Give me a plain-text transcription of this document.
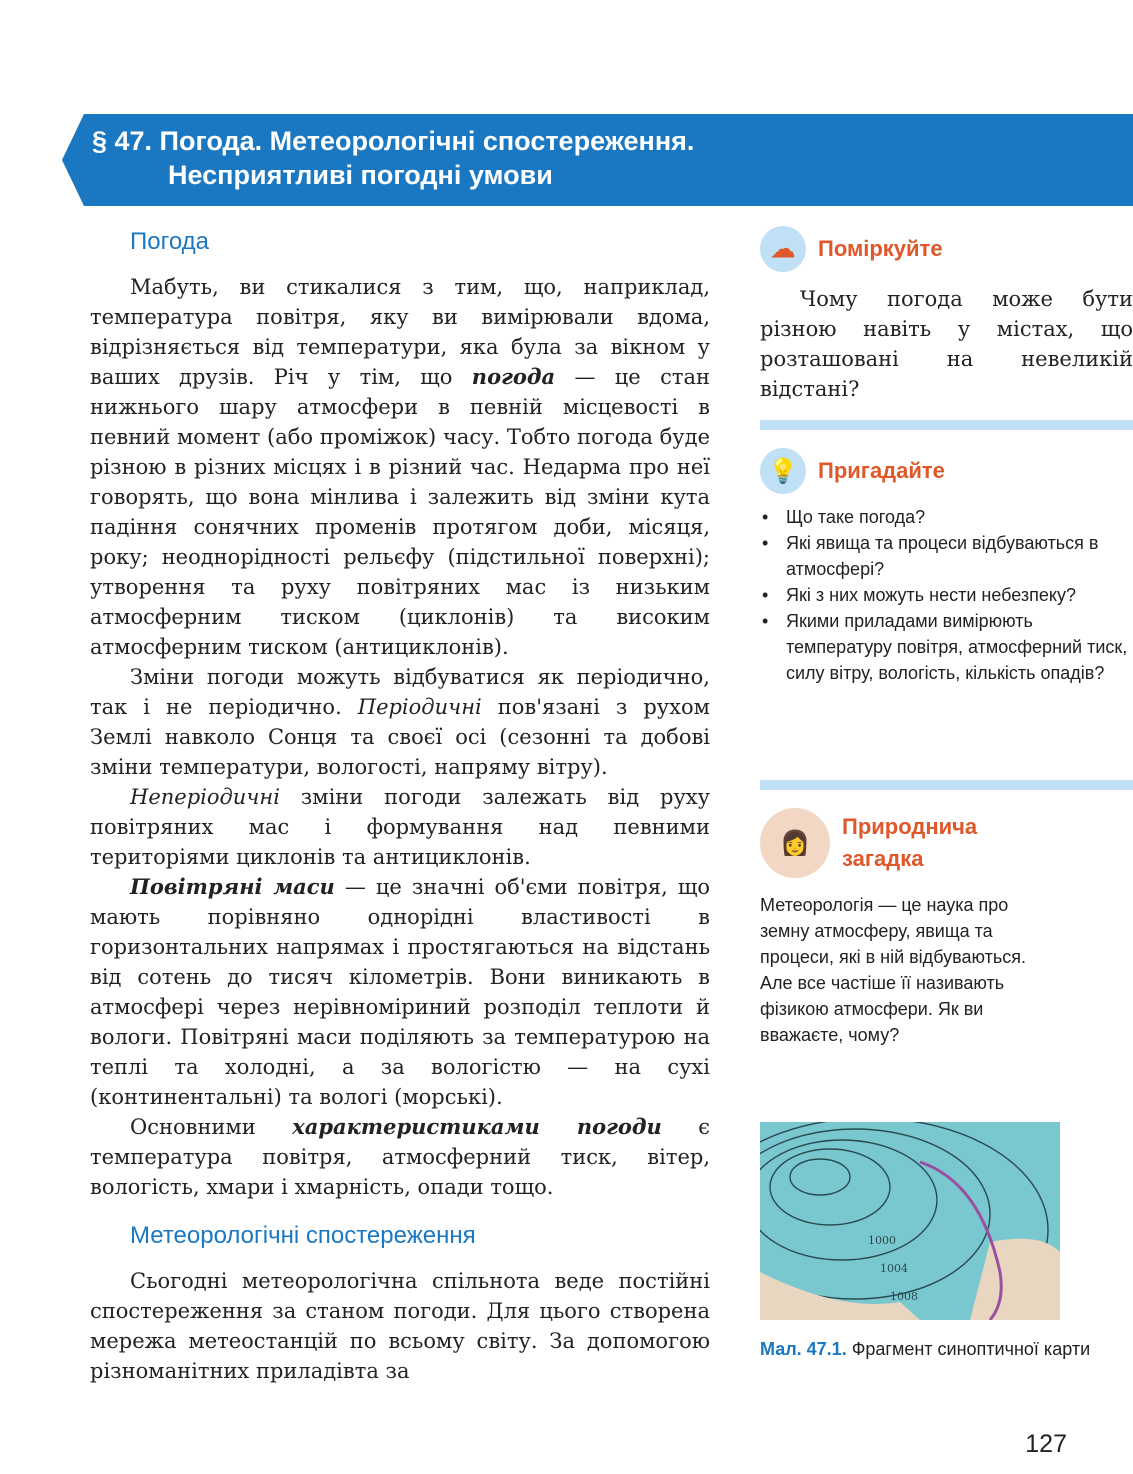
§ 47. Погода. Метеорологічні спостереження.
Несприятливі погодні умови
Погода

Мабуть, ви стикалися з тим, що, наприклад, температура повітря, яку ви вимірювали вдома, відрізняється від температури, яка була за вікном у ваших друзів. Річ у тім, що погода — це стан нижнього шару атмосфери в певній місцевості в певний момент (або проміжок) часу. Тобто погода буде різною в різних місцях і в різний час. Недарма про неї говорять, що вона мінлива і залежить від зміни кута падіння сонячних променів протягом доби, місяця, року; неоднорідності рельєфу (підстильної поверхні); утворення та руху повітряних мас із низьким атмосферним тиском (циклонів) та високим атмосферним тиском (антициклонів).

Зміни погоди можуть відбуватися як періодично, так і не періодично. Періодичні пов'язані з рухом Землі навколо Сонця та своєї осі (сезонні та добові зміни температури, вологості, напряму вітру).

Неперіодичні зміни погоди залежать від руху повітряних мас і формування над певними територіями циклонів та антициклонів.

Повітряні маси — це значні об'єми повітря, що мають порівняно однорідні властивості в горизонтальних напрямах і простягаються на відстань від сотень до тисяч кілометрів. Вони виникають в атмосфері через нерівноміриний розподіл теплоти й вологи. Повітряні маси поділяють за температурою на теплі та холодні, а за вологістю — на сухі (континентальні) та вологі (морські).

Основними характеристиками погоди є температура повітря, атмосферний тиск, вітер, вологість, хмари і хмарність, опади тощо.

Метеорологічні спостереження

Сьогодні метеорологічна спільнота веде постійні спостереження за станом погоди. Для цього створена мережа метеостанцій по всьому світу. За допомогою різноманітних приладівта за

☁	Поміркуйте

Чому погода може бути різною навіть у містах, що розташовані на невеликій відстані?

💡 Пригадайте
• Що таке погода?
• Які явища та процеси відбуваються в атмосфері?
• Які з них можуть нести небезпеку?
• Якими приладами вимірюють температуру повітря, атмосферний тиск, силу вітру, вологість, кількість опадів?
👩
Природнича
загадка

Метеорологія — це наука про земну атмосферу, явища та процеси, які в ній відбуваються. Але все частіше її називають фізикою атмосфери. Як ви вважаєте, чому?

1004
1008
1000
Мал. 47.1. Фрагмент синоптичної карти
127
